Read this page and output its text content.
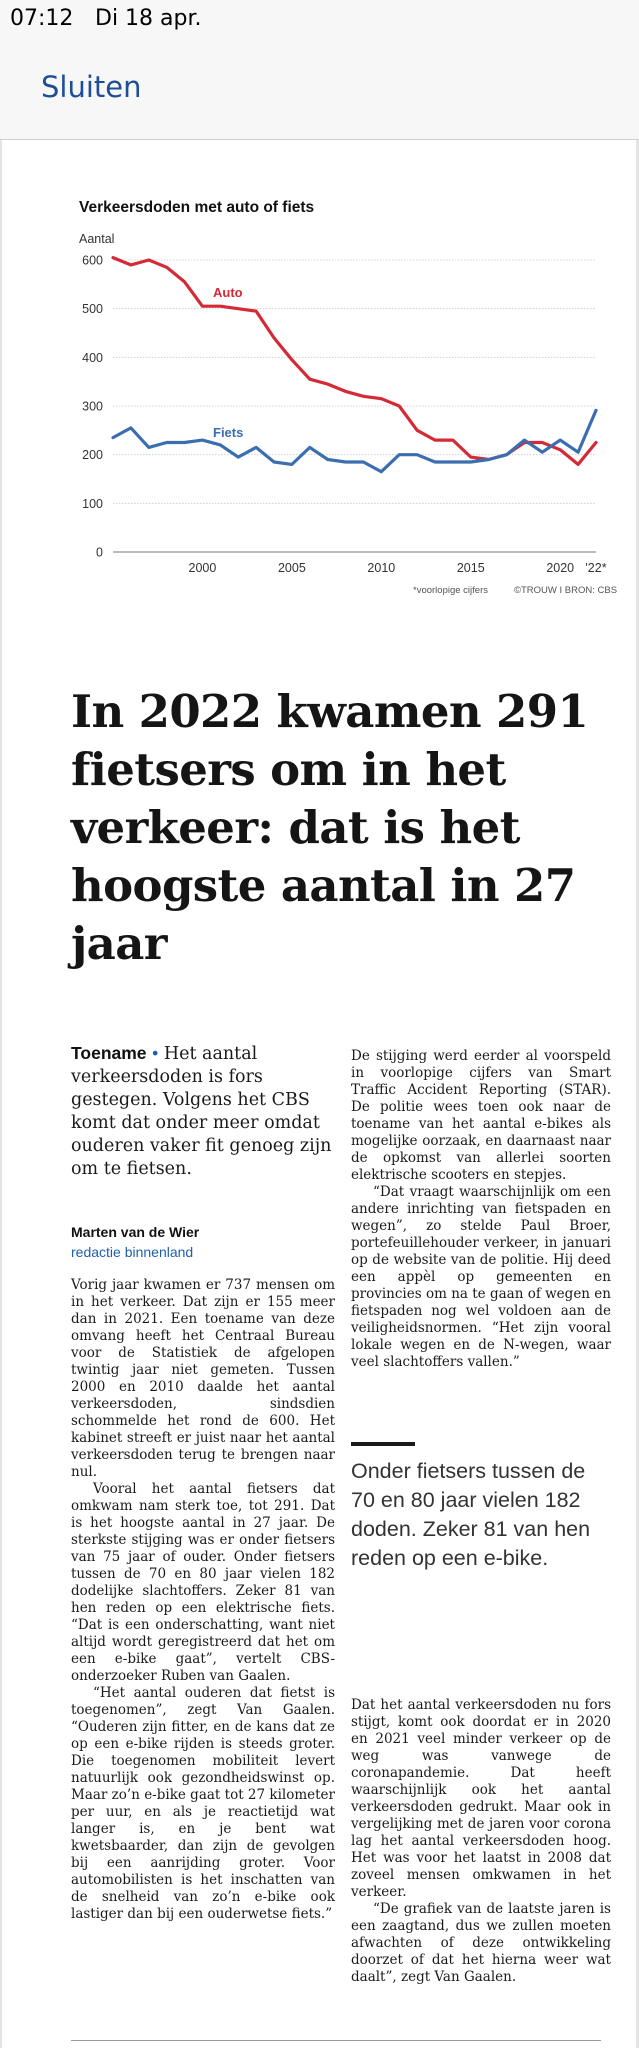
07:12 Di 18 apr.
Sluiten
Verkeersdoden met auto of fiets
Aantal
0
100
200
300
400
500
600
2000	2005	2010	2015	2020 '22*
Auto
Fiets
*voorlopige cijfers	©TROUW I BRON: CBS
In 2022 kwamen 291 fietsers om in het verkeer: dat is het hoogste aantal in 27 jaar

Toename • Het aantal verkeersdoden is fors gestegen. Volgens het CBS komt dat onder meer omdat ouderen vaker fit genoeg zijn om te fietsen.

Marten van de Wier
redactie binnenland

Vorig jaar kwamen er 737 mensen om in het verkeer. Dat zijn er 155 meer dan in 2021. Een toename van deze omvang heeft het Centraal Bureau voor de Statistiek de afgelopen twintig jaar niet gemeten. Tussen 2000 en 2010 daalde het aantal verkeersdoden, sindsdien schommelde het rond de 600. Het kabinet streeft er juist naar het aantal verkeersdoden terug te brengen naar nul.

Vooral het aantal fietsers dat omkwam nam sterk toe, tot 291. Dat is het hoogste aantal in 27 jaar. De sterkste stijging was er onder fietsers van 75 jaar of ouder. Onder fietsers tussen de 70 en 80 jaar vielen 182 dodelijke slachtoffers. Zeker 81 van hen reden op een elektrische fiets. “Dat is een onderschatting, want niet altijd wordt geregistreerd dat het om een e-bike gaat”, vertelt CBS-onderzoeker Ruben van Gaalen.

“Het aantal ouderen dat fietst is toegenomen”, zegt Van Gaalen. “Ouderen zijn fitter, en de kans dat ze op een e-bike rijden is steeds groter. Die toegenomen mobiliteit levert natuurlijk ook gezondheidswinst op. Maar zo’n e-bike gaat tot 27 kilometer per uur, en als je reactietijd wat langer is, en je bent wat kwetsbaarder, dan zijn de gevolgen bij een aanrijding groter. Voor automobilisten is het inschatten van de snelheid van zo’n e-bike ook lastiger dan bij een ouderwetse fiets.”

De stijging werd eerder al voorspeld in voorlopige cijfers van Smart Traffic Accident Reporting (STAR). De politie wees toen ook naar de toename van het aantal e-bikes als mogelijke oorzaak, en daarnaast naar de opkomst van allerlei soorten elektrische scooters en stepjes.

“Dat vraagt waarschijnlijk om een andere inrichting van fietspaden en wegen”, zo stelde Paul Broer, portefeuillehouder verkeer, in januari op de website van de politie. Hij deed een appèl op gemeenten en provincies om na te gaan of wegen en fietspaden nog wel voldoen aan de veiligheidsnormen. “Het zijn vooral lokale wegen en de N-wegen, waar veel slachtoffers vallen.”

Onder fietsers tussen de 70 en 80 jaar vielen 182 doden. Zeker 81 van hen reden op een e-bike.

Dat het aantal verkeersdoden nu fors stijgt, komt ook doordat er in 2020 en 2021 veel minder verkeer op de weg was vanwege de coronapandemie. Dat heeft waarschijnlijk ook het aantal verkeersdoden gedrukt. Maar ook in vergelijking met de jaren voor corona lag het aantal verkeersdoden hoog. Het was voor het laatst in 2008 dat zoveel mensen omkwamen in het verkeer.

“De grafiek van de laatste jaren is een zaagtand, dus we zullen moeten afwachten of deze ontwikkeling doorzet of dat het hierna weer wat daalt”, zegt Van Gaalen.
